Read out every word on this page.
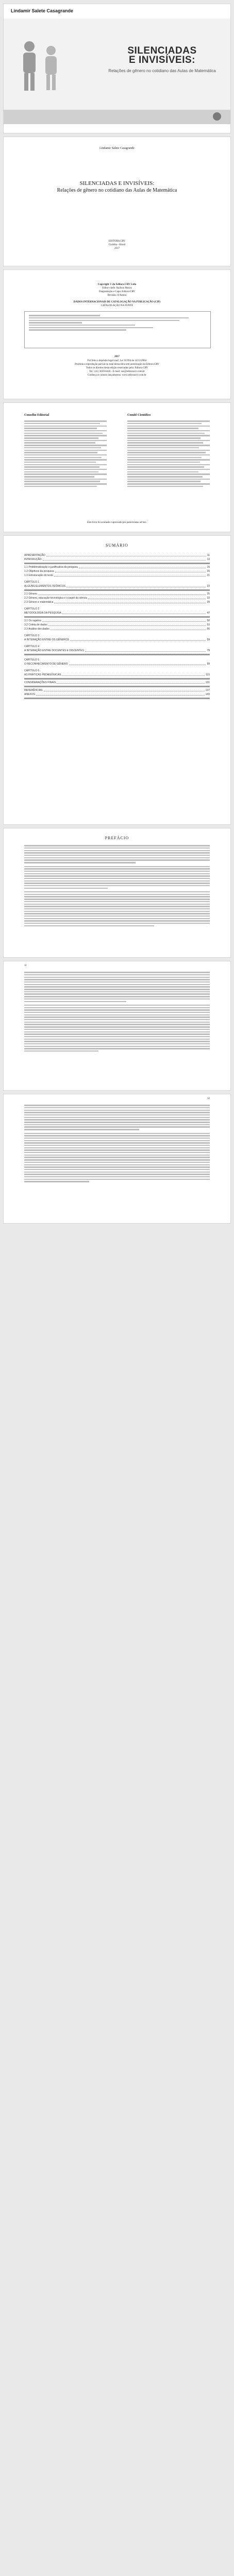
Lindamir Salete Casagrande
SILENCIADAS
E INVISÍVEIS:
Relações de gênero no cotidiano das Aulas de Matemática
Lindamir Salete Casagrande
SILENCIADAS E INVISÍVEIS:
Relações de gênero no cotidiano das Aulas de Matemática
EDITORA CRV
Curitiba - Brasil
2017
Copyright © da Editora CRV Ltda
Editor-chefe: Railson Moura
Diagramação e Capa: Editora CRV
Revisão: A Autora
DADOS INTERNACIONAIS DE CATALOGAÇÃO NA PUBLICAÇÃO (CIP)
CATALOGAÇÃO NA FONTE
2017
Foi feito o depósito legal conf. Lei 10.994 de 14/12/2004
Proibida a reprodução parcial ou total desta obra sem autorização da Editora CRV
Todos os direitos desta edição reservados pela: Editora CRV
Tel.: (41) 3039-6418 - E-mail: sac@editoracrv.com.br
Conheça os nossos lançamentos: www.editoracrv.com.br
Conselho Editorial	Comitê Científico
Este livro foi avaliado e aprovado por pareceristas ad hoc.
SUMÁRIO
APRESENTAÇÃO	11
INTRODUÇÃO	13
1.1 Problematização e justificativa da pesquisa	15
1.2 Objetivos da pesquisa	20
1.3 Estruturação do texto	21
CAPÍTULO 1
ALGUNS ELEMENTOS TEÓRICOS	23
2.1 Gênero	25
2.2 Gênero, educação tecnológica e o papel da ciência	33
2.3 Gênero e matemática	39
CAPÍTULO 2
METODOLOGIA DA PESQUISA	47
3.1 Os sujeitos	50
3.2 Coleta de dados	53
3.3 Análise dos dados	56
CAPÍTULO 3
A INTERAÇÃO ENTRE OS GÊNEROS	59
CAPÍTULO 4
A INTERAÇÃO ENTRE DOCENTES E DISCENTES	79
CAPÍTULO 5
O RECONHECIMENTO DE GÊNERO	99
CAPÍTULO 6
AS PRÁTICAS PEDAGÓGICAS	115
CONSIDERAÇÕES FINAIS	131
REFERÊNCIAS	137
ANEXOS	143
PREFÁCIO
11
12
